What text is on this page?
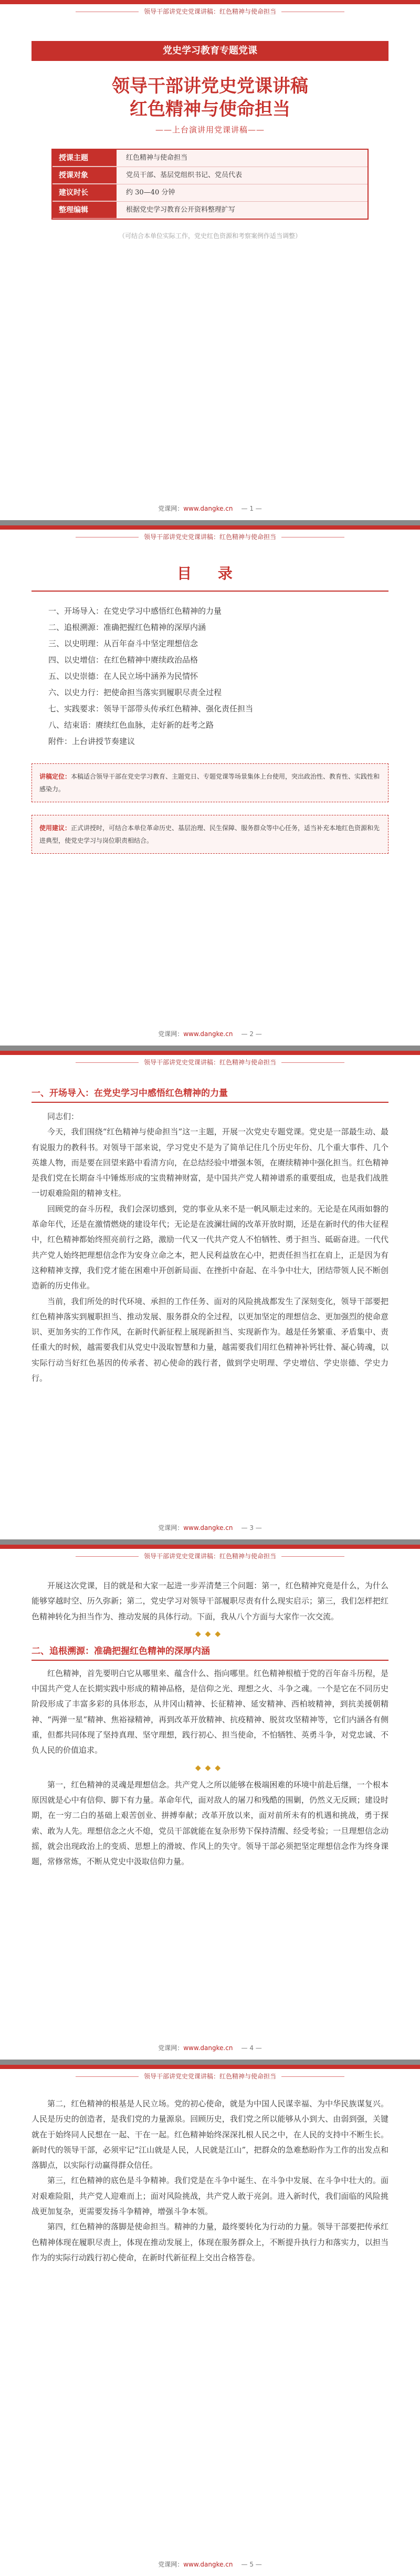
领导干部讲党史党课讲稿：红色精神与使命担当
党史学习教育专题党课
领导干部讲党史党课讲稿
红色精神与使命担当
——上台演讲用党课讲稿——
授课主题	红色精神与使命担当
授课对象	党员干部、基层党组织书记、党员代表
建议时长	约 30—40 分钟
整理编辑	根据党史学习教育公开资料整理扩写
（可结合本单位实际工作，党史红色资源和考察案例作适当调整）
党课网：www.dangke.cn — 1 —
领导干部讲党史党课讲稿：红色精神与使命担当
目 录
一、开场导入：在党史学习中感悟红色精神的力量
二、追根溯源：准确把握红色精神的深厚内涵
三、以史明理：从百年奋斗中坚定理想信念
四、以史增信：在红色精神中赓续政治品格
五、以史崇德：在人民立场中涵养为民情怀
六、以史力行：把使命担当落实到履职尽责全过程
七、实践要求：领导干部带头传承红色精神、强化责任担当
八、结束语：赓续红色血脉，走好新的赶考之路
附件：上台讲授节奏建议
讲稿定位：本稿适合领导干部在党史学习教育、主题党日、专题党课等场景集体上台使用，突出政治性、教育性、实践性和感染力。
使用建议：正式讲授时，可结合本单位革命历史、基层治理、民生保障、服务群众等中心任务，适当补充本地红色资源和先进典型，使党史学习与岗位职责相结合。
党课网：www.dangke.cn — 2 —
领导干部讲党史党课讲稿：红色精神与使命担当
一、开场导入：在党史学习中感悟红色精神的力量

同志们：

今天，我们围绕“红色精神与使命担当”这一主题，开展一次党史专题党课。党史是一部最生动、最有说服力的教科书。对领导干部来说，学习党史不是为了简单记住几个历史年份、几个重大事件、几个英雄人物，而是要在回望来路中看清方向，在总结经验中增强本领，在赓续精神中强化担当。红色精神是我们党在长期奋斗中锤炼形成的宝贵精神财富，是中国共产党人精神谱系的重要组成，也是我们战胜一切艰难险阻的精神支柱。

回顾党的奋斗历程，我们会深切感到，党的事业从来不是一帆风顺走过来的。无论是在风雨如磐的革命年代，还是在激情燃烧的建设年代；无论是在波澜壮阔的改革开放时期，还是在新时代的伟大征程中，红色精神都始终照亮前行之路，激励一代又一代共产党人不怕牺牲、勇于担当、砥砺奋进。一代代共产党人始终把理想信念作为安身立命之本，把人民利益放在心中，把责任担当扛在肩上，正是因为有这种精神支撑，我们党才能在困难中开创新局面、在挫折中奋起、在斗争中壮大，团结带领人民不断创造新的历史伟业。

当前，我们所处的时代环境、承担的工作任务、面对的风险挑战都发生了深刻变化，领导干部要把红色精神落实到履职担当、推动发展、服务群众的全过程，以更加坚定的理想信念、更加强烈的使命意识、更加务实的工作作风，在新时代新征程上展现新担当、实现新作为。越是任务繁重、矛盾集中、责任重大的时候，越需要我们从党史中汲取智慧和力量，越需要我们用红色精神补钙壮骨、凝心铸魂，以实际行动当好红色基因的传承者、初心使命的践行者，做到学史明理、学史增信、学史崇德、学史力行。

党课网：www.dangke.cn — 3 —
领导干部讲党史党课讲稿：红色精神与使命担当

开展这次党课，目的就是和大家一起进一步弄清楚三个问题：第一，红色精神究竟是什么，为什么能够穿越时空、历久弥新；第二，党史学习对领导干部履职尽责有什么现实启示；第三，我们怎样把红色精神转化为担当作为、推动发展的具体行动。下面，我从八个方面与大家作一次交流。

◆◆◆
二、追根溯源：准确把握红色精神的深厚内涵

红色精神，首先要明白它从哪里来、蕴含什么、指向哪里。红色精神根植于党的百年奋斗历程，是中国共产党人在长期实践中形成的精神品格，是信仰之光、理想之火、斗争之魂。一个是它在不同历史阶段形成了丰富多彩的具体形态，从井冈山精神、长征精神、延安精神、西柏坡精神，到抗美援朝精神、“两弹一星”精神、焦裕禄精神，再到改革开放精神、抗疫精神、脱贫攻坚精神等，它们内涵各有侧重，但都共同体现了坚持真理、坚守理想，践行初心、担当使命，不怕牺牲、英勇斗争，对党忠诚、不负人民的价值追求。

◆◆◆

第一，红色精神的灵魂是理想信念。共产党人之所以能够在极端困难的环境中前赴后继，一个根本原因就是心中有信仰、脚下有力量。革命年代，面对敌人的屠刀和残酷的围剿，仍然义无反顾；建设时期，在一穷二白的基础上艰苦创业、拼搏奉献；改革开放以来，面对前所未有的机遇和挑战，勇于探索、敢为人先。理想信念之火不熄，党员干部就能在复杂形势下保持清醒、经受考验；一旦理想信念动摇，就会出现政治上的变质、思想上的滑坡、作风上的失守。领导干部必须把坚定理想信念作为终身课题，常修常炼，不断从党史中汲取信仰力量。

党课网：www.dangke.cn — 4 —
领导干部讲党史党课讲稿：红色精神与使命担当

第二，红色精神的根基是人民立场。党的初心使命，就是为中国人民谋幸福、为中华民族谋复兴。人民是历史的创造者，是我们党的力量源泉。回顾历史，我们党之所以能够从小到大、由弱到强，关键就在于始终同人民想在一起、干在一起。红色精神始终深深扎根人民之中，在人民的支持中不断生长。新时代的领导干部，必须牢记“江山就是人民，人民就是江山”，把群众的急难愁盼作为工作的出发点和落脚点，以实际行动赢得群众信任。

第三，红色精神的底色是斗争精神。我们党是在斗争中诞生、在斗争中发展、在斗争中壮大的。面对艰难险阻，共产党人迎难而上；面对风险挑战，共产党人敢于亮剑。进入新时代，我们面临的风险挑战更加复杂，更需要发扬斗争精神，增强斗争本领。

第四，红色精神的落脚是使命担当。精神的力量，最终要转化为行动的力量。领导干部要把传承红色精神体现在履职尽责上，体现在推动发展上，体现在服务群众上，不断提升执行力和落实力，以担当作为的实际行动践行初心使命，在新时代新征程上交出合格答卷。

党课网：www.dangke.cn — 5 —
